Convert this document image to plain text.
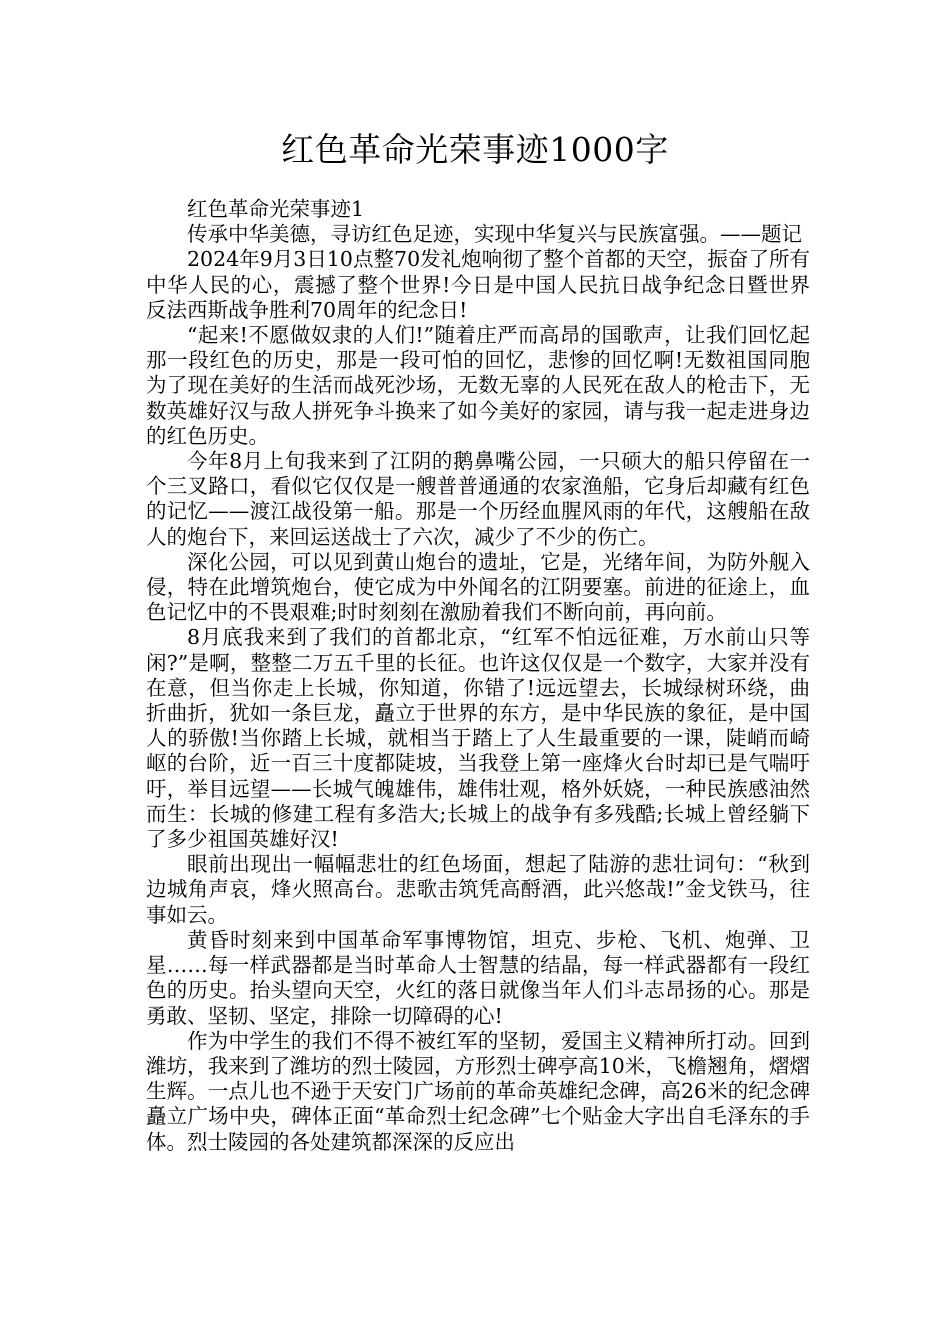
红色革命光荣事迹1000字

红色革命光荣事迹1

传承中华美德，寻访红色足迹，实现中华复兴与民族富强。——题记

2024年9月3日10点整70发礼炮响彻了整个首都的天空，振奋了所有中华人民的心，震撼了整个世界!今日是中国人民抗日战争纪念日暨世界反法西斯战争胜利70周年的纪念日!

“起来!不愿做奴隶的人们!”随着庄严而高昂的国歌声，让我们回忆起那一段红色的历史，那是一段可怕的回忆，悲惨的回忆啊!无数祖国同胞为了现在美好的生活而战死沙场，无数无辜的人民死在敌人的枪击下，无数英雄好汉与敌人拼死争斗换来了如今美好的家园，请与我一起走进身边的红色历史。

今年8月上旬我来到了江阴的鹅鼻嘴公园，一只硕大的船只停留在一个三叉路口，看似它仅仅是一艘普普通通的农家渔船，它身后却藏有红色的记忆——渡江战役第一船。那是一个历经血腥风雨的年代，这艘船在敌人的炮台下，来回运送战士了六次，减少了不少的伤亡。

深化公园，可以见到黄山炮台的遗址，它是，光绪年间，为防外舰入侵，特在此增筑炮台，使它成为中外闻名的江阴要塞。前进的征途上，血色记忆中的不畏艰难;时时刻刻在激励着我们不断向前，再向前。

8月底我来到了我们的首都北京，“红军不怕远征难，万水前山只等闲?”是啊，整整二万五千里的长征。也许这仅仅是一个数字，大家并没有在意，但当你走上长城，你知道，你错了!远远望去，长城绿树环绕，曲折曲折，犹如一条巨龙，矗立于世界的东方，是中华民族的象征，是中国人的骄傲!当你踏上长城，就相当于踏上了人生最重要的一课，陡峭而崎岖的台阶，近一百三十度都陡坡，当我登上第一座烽火台时却已是气喘吁吁，举目远望——长城气魄雄伟，雄伟壮观，格外妖娆，一种民族感油然而生：长城的修建工程有多浩大;长城上的战争有多残酷;长城上曾经躺下了多少祖国英雄好汉!

眼前出现出一幅幅悲壮的红色场面，想起了陆游的悲壮词句：“秋到边城角声哀，烽火照高台。悲歌击筑凭高酹酒，此兴悠哉!”金戈铁马，往事如云。

黄昏时刻来到中国革命军事博物馆，坦克、步枪、飞机、炮弹、卫星……每一样武器都是当时革命人士智慧的结晶，每一样武器都有一段红色的历史。抬头望向天空，火红的落日就像当年人们斗志昂扬的心。那是勇敢、坚韧、坚定，排除一切障碍的心!

作为中学生的我们不得不被红军的坚韧，爱国主义精神所打动。回到潍坊，我来到了潍坊的烈士陵园，方形烈士碑亭高10米，飞檐翘角，熠熠生辉。一点儿也不逊于天安门广场前的革命英雄纪念碑，高26米的纪念碑矗立广场中央，碑体正面“革命烈士纪念碑”七个贴金大字出自毛泽东的手体。烈士陵园的各处建筑都深深的反应出
